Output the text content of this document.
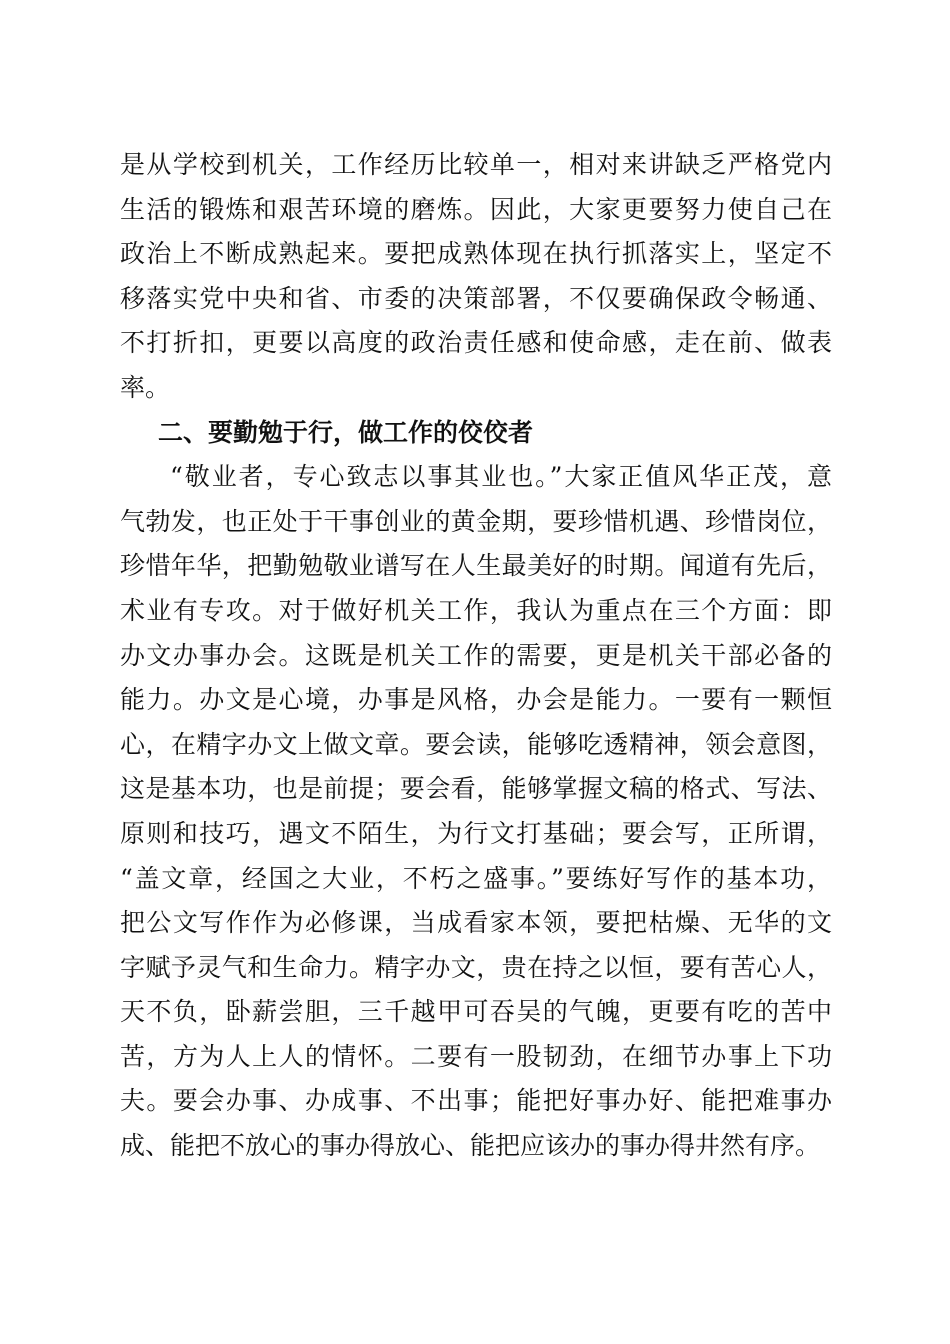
是从学校到机关，工作经历比较单一，相对来讲缺乏严格党内
生活的锻炼和艰苦环境的磨炼。因此，大家更要努力使自己在
政治上不断成熟起来。要把成熟体现在执行抓落实上，坚定不
移落实党中央和省、市委的决策部署，不仅要确保政令畅通、
不打折扣，更要以高度的政治责任感和使命感，走在前、做表
率。
二、要勤勉于行，做工作的佼佼者
“敬业者，专心致志以事其业也。”大家正值风华正茂，意
气勃发，也正处于干事创业的黄金期，要珍惜机遇、珍惜岗位，
珍惜年华，把勤勉敬业谱写在人生最美好的时期。闻道有先后，
术业有专攻。对于做好机关工作，我认为重点在三个方面：即
办文办事办会。这既是机关工作的需要，更是机关干部必备的
能力。办文是心境，办事是风格，办会是能力。一要有一颗恒
心，在精字办文上做文章。要会读，能够吃透精神，领会意图，
这是基本功，也是前提；要会看，能够掌握文稿的格式、写法、
原则和技巧，遇文不陌生，为行文打基础；要会写，正所谓，
“盖文章，经国之大业，不朽之盛事。”要练好写作的基本功，
把公文写作作为必修课，当成看家本领，要把枯燥、无华的文
字赋予灵气和生命力。精字办文，贵在持之以恒，要有苦心人，
天不负，卧薪尝胆，三千越甲可吞吴的气魄，更要有吃的苦中
苦，方为人上人的情怀。二要有一股韧劲，在细节办事上下功
夫。要会办事、办成事、不出事；能把好事办好、能把难事办
成、能把不放心的事办得放心、能把应该办的事办得井然有序。
